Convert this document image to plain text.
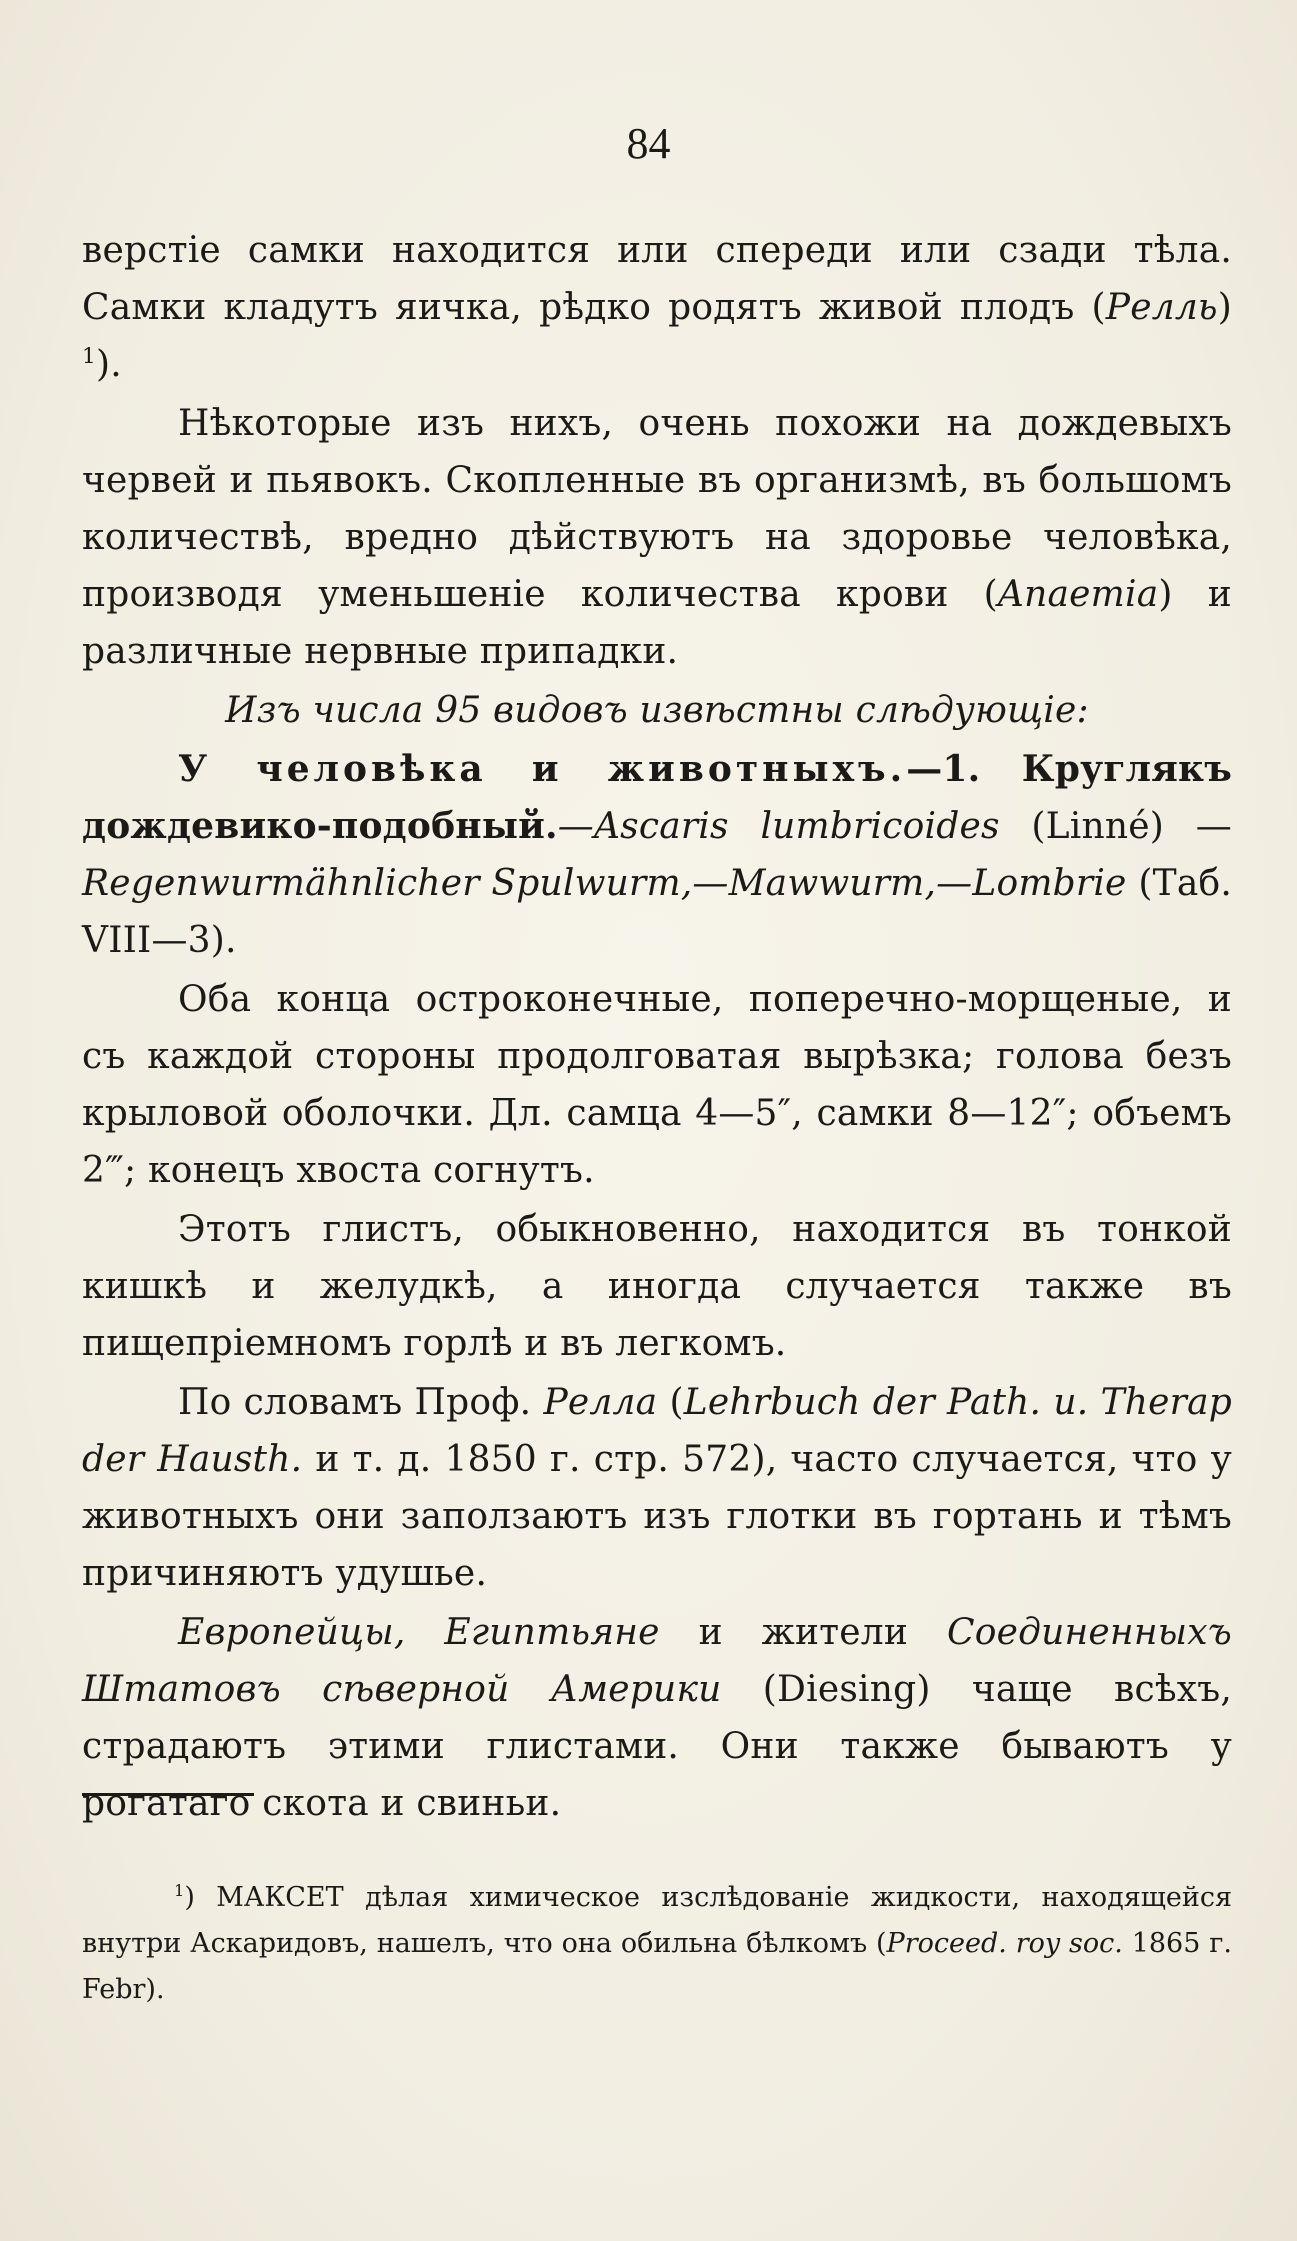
84

верстіе самки находится или спереди или сзади тѣла. Самки кладутъ яичка, рѣдко родятъ живой плодъ (Релль) $^1$).

Нѣкоторые изъ нихъ, очень похожи на дождевыхъ червей и пьявокъ. Скопленные въ организмѣ, въ большомъ количествѣ, вредно дѣйствуютъ на здоровье человѣка, производя уменьшеніе количества крови (Anaemia) и различные нервные припадки.

Изъ числа 95 видовъ извѣстны слѣдующіе:

У человѣка и животныхъ.—1. Круглякъ дождевико-подобный.—Ascaris lumbricoides (Linné) — Regenwurmähnlicher Spulwurm,—Mawwurm,—Lombrie (Таб. VIII—3).

Оба конца остроконечные, поперечно-морщеные, и съ каждой стороны продолговатая вырѣзка; голова безъ крыловой оболочки. Дл. самца 4—5″, самки 8—12″; объемъ 2‴; конецъ хвоста согнутъ.

Этотъ глистъ, обыкновенно, находится въ тонкой кишкѣ и желудкѣ, а иногда случается также въ пищепріемномъ горлѣ и въ легкомъ.

По словамъ Проф. Релла (Lehrbuch der Path. u. Therap der Hausth. и т. д. 1850 г. стр. 572), часто случается, что у животныхъ они заползаютъ изъ глотки въ гортань и тѣмъ причиняютъ удушье.

Европейцы, Египтьяне и жители Соединенныхъ Штатовъ сѣверной Америки (Diesing) чаще всѣхъ, страдаютъ этими глистами. Они также бываютъ у рогатаго скота и свиньи.

$^1$) МАКСЕТ дѣлая химическое изслѣдованіе жидкости, находящейся внутри Аскаридовъ, нашелъ, что она обильна бѣлкомъ (Proceed. roy soc. 1865 г. Febr).
